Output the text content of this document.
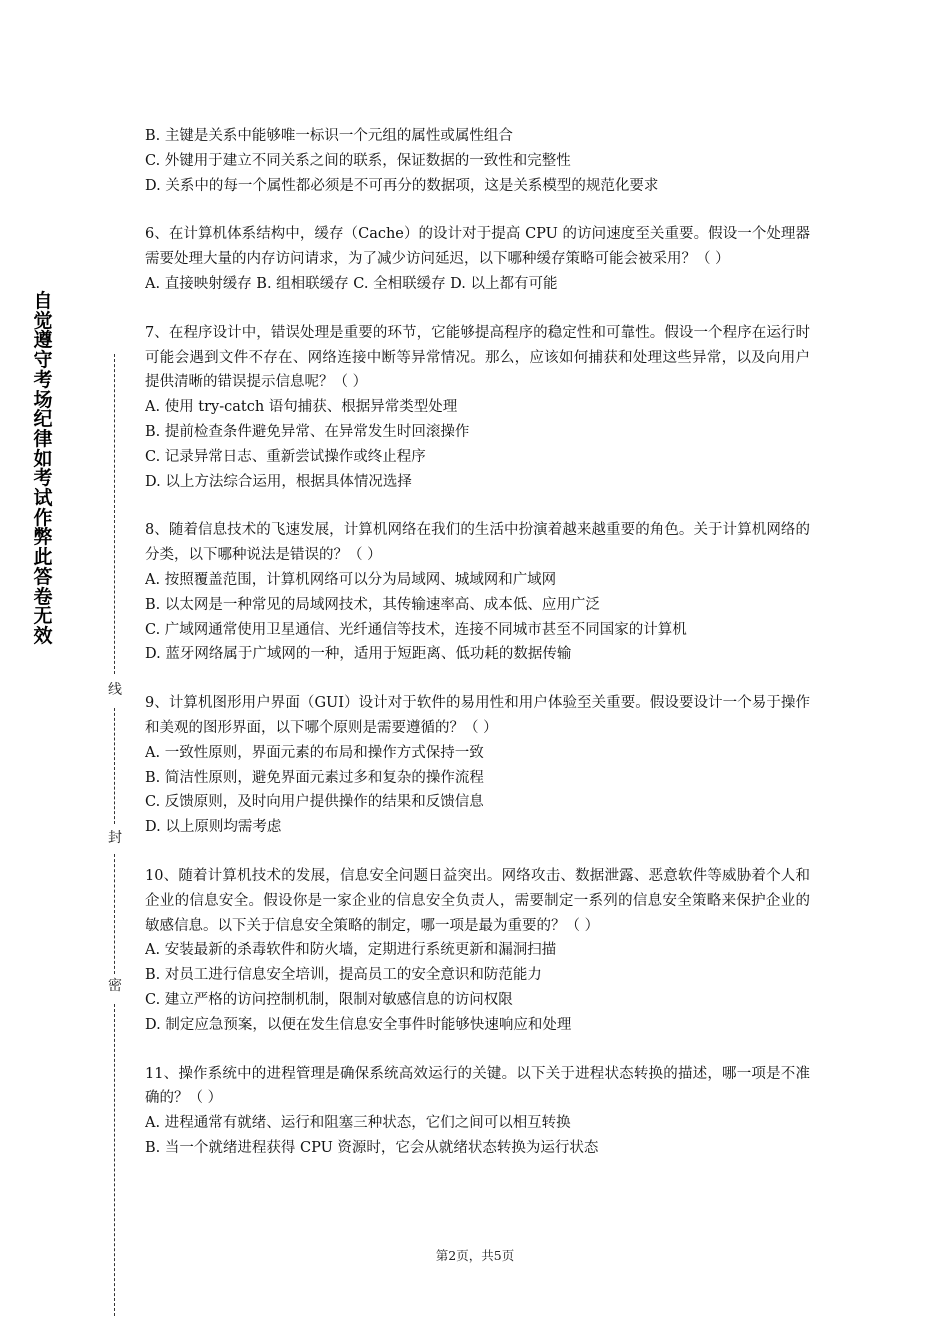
自觉遵守考场纪律如考试作弊此答卷无效
线
封
密
B. 主键是关系中能够唯一标识一个元组的属性或属性组合
C. 外键用于建立不同关系之间的联系，保证数据的一致性和完整性
D. 关系中的每一个属性都必须是不可再分的数据项，这是关系模型的规范化要求
6、在计算机体系结构中，缓存（Cache）的设计对于提高 CPU 的访问速度至关重要。假设一个处理器需要处理大量的内存访问请求，为了减少访问延迟，以下哪种缓存策略可能会被采用？（ ）
A. 直接映射缓存 B. 组相联缓存 C. 全相联缓存 D. 以上都有可能
7、在程序设计中，错误处理是重要的环节，它能够提高程序的稳定性和可靠性。假设一个程序在运行时可能会遇到文件不存在、网络连接中断等异常情况。那么，应该如何捕获和处理这些异常，以及向用户提供清晰的错误提示信息呢？（ ）
A. 使用 try-catch 语句捕获、根据异常类型处理
B. 提前检查条件避免异常、在异常发生时回滚操作
C. 记录异常日志、重新尝试操作或终止程序
D. 以上方法综合运用，根据具体情况选择
8、随着信息技术的飞速发展，计算机网络在我们的生活中扮演着越来越重要的角色。关于计算机网络的分类，以下哪种说法是错误的？（ ）
A. 按照覆盖范围，计算机网络可以分为局域网、城域网和广域网
B. 以太网是一种常见的局域网技术，其传输速率高、成本低、应用广泛
C. 广域网通常使用卫星通信、光纤通信等技术，连接不同城市甚至不同国家的计算机
D. 蓝牙网络属于广域网的一种，适用于短距离、低功耗的数据传输
9、计算机图形用户界面（GUI）设计对于软件的易用性和用户体验至关重要。假设要设计一个易于操作和美观的图形界面，以下哪个原则是需要遵循的？（ ）
A. 一致性原则，界面元素的布局和操作方式保持一致
B. 简洁性原则，避免界面元素过多和复杂的操作流程
C. 反馈原则，及时向用户提供操作的结果和反馈信息
D. 以上原则均需考虑
10、随着计算机技术的发展，信息安全问题日益突出。网络攻击、数据泄露、恶意软件等威胁着个人和企业的信息安全。假设你是一家企业的信息安全负责人，需要制定一系列的信息安全策略来保护企业的敏感信息。以下关于信息安全策略的制定，哪一项是最为重要的？（ ）
A. 安装最新的杀毒软件和防火墙，定期进行系统更新和漏洞扫描
B. 对员工进行信息安全培训，提高员工的安全意识和防范能力
C. 建立严格的访问控制机制，限制对敏感信息的访问权限
D. 制定应急预案，以便在发生信息安全事件时能够快速响应和处理
11、操作系统中的进程管理是确保系统高效运行的关键。以下关于进程状态转换的描述，哪一项是不准确的？（ ）
A. 进程通常有就绪、运行和阻塞三种状态，它们之间可以相互转换
B. 当一个就绪进程获得 CPU 资源时，它会从就绪状态转换为运行状态
第2页，共5页
